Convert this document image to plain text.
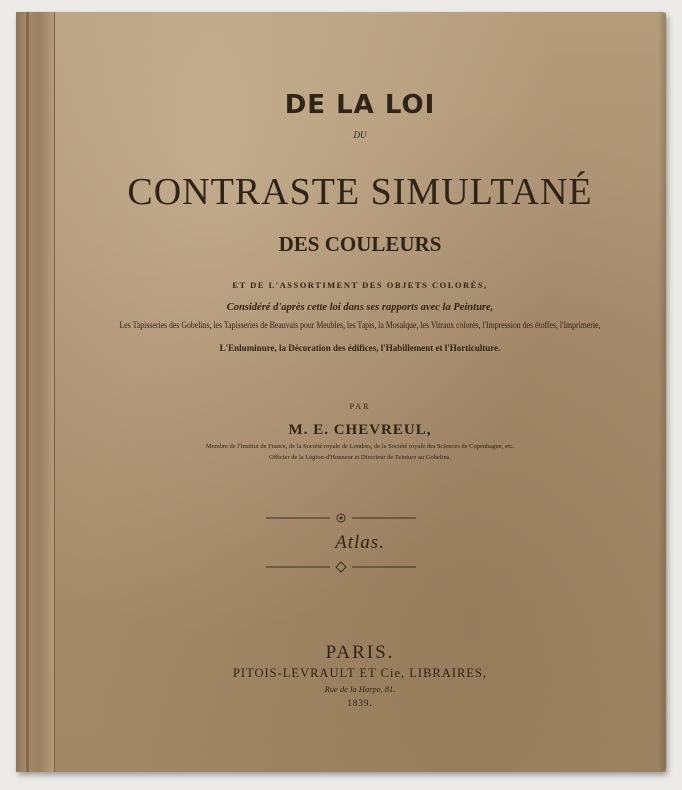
DE LA LOI
DU
CONTRASTE SIMULTANÉ
DES COULEURS
ET DE L'ASSORTIMENT DES OBJETS COLORÉS,
Considéré d'après cette loi dans ses rapports avec la Peinture,
Les Tapisseries des Gobelins, les Tapisseries de Beauvais pour Meubles, les Tapis, la Mosaïque, les Vitraux colorés, l'Impression des étoffes, l'Imprimerie,
L'Enluminure, la Décoration des édifices, l'Habillement et l'Horticulture.
PAR
M. E. CHEVREUL,
Membre de l'Institut de France, de la Société royale de Londres, de la Société royale des Sciences de Copenhague, etc.
Officier de la Légion-d'Honneur et Directeur de Teinture au Gobelins.
Atlas.
PARIS.
PITOIS-LEVRAULT ET Cie, LIBRAIRES,
Rue de la Harpe, 81.
1839.
